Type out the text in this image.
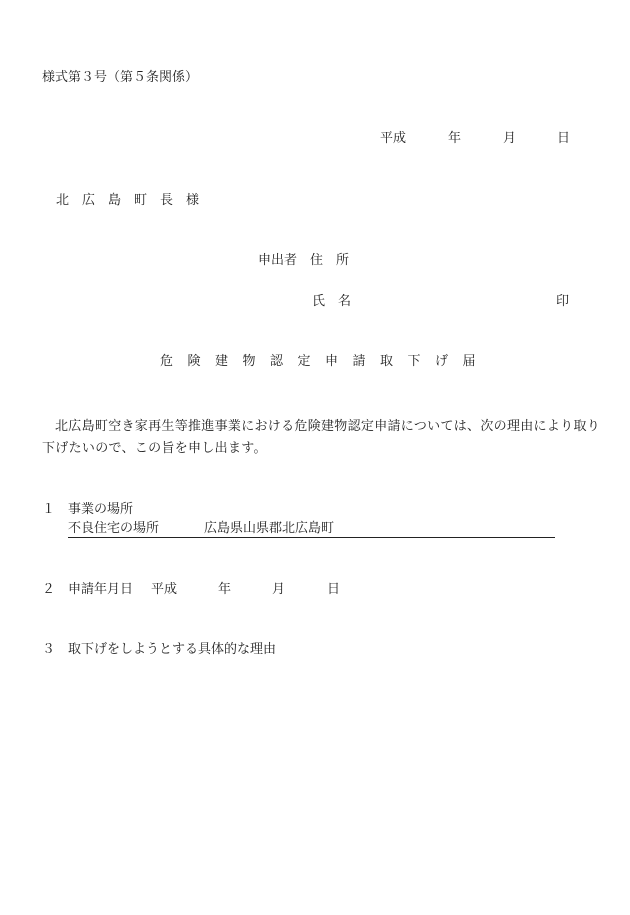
様式第３号（第５条関係）
平成	年	月	日
北広島町長様
申出者　住　所
氏　名	印
危険建物認定申請取下げ届
北広島町空き家再生等推進事業における危険建物認定申請については、次の理由により取り下げたいので、この旨を申し出ます。
１ 事業の場所
不良住宅の場所	広島県山県郡北広島町
２ 申請年月日 平成	年	月	日
３ 取下げをしようとする具体的な理由
